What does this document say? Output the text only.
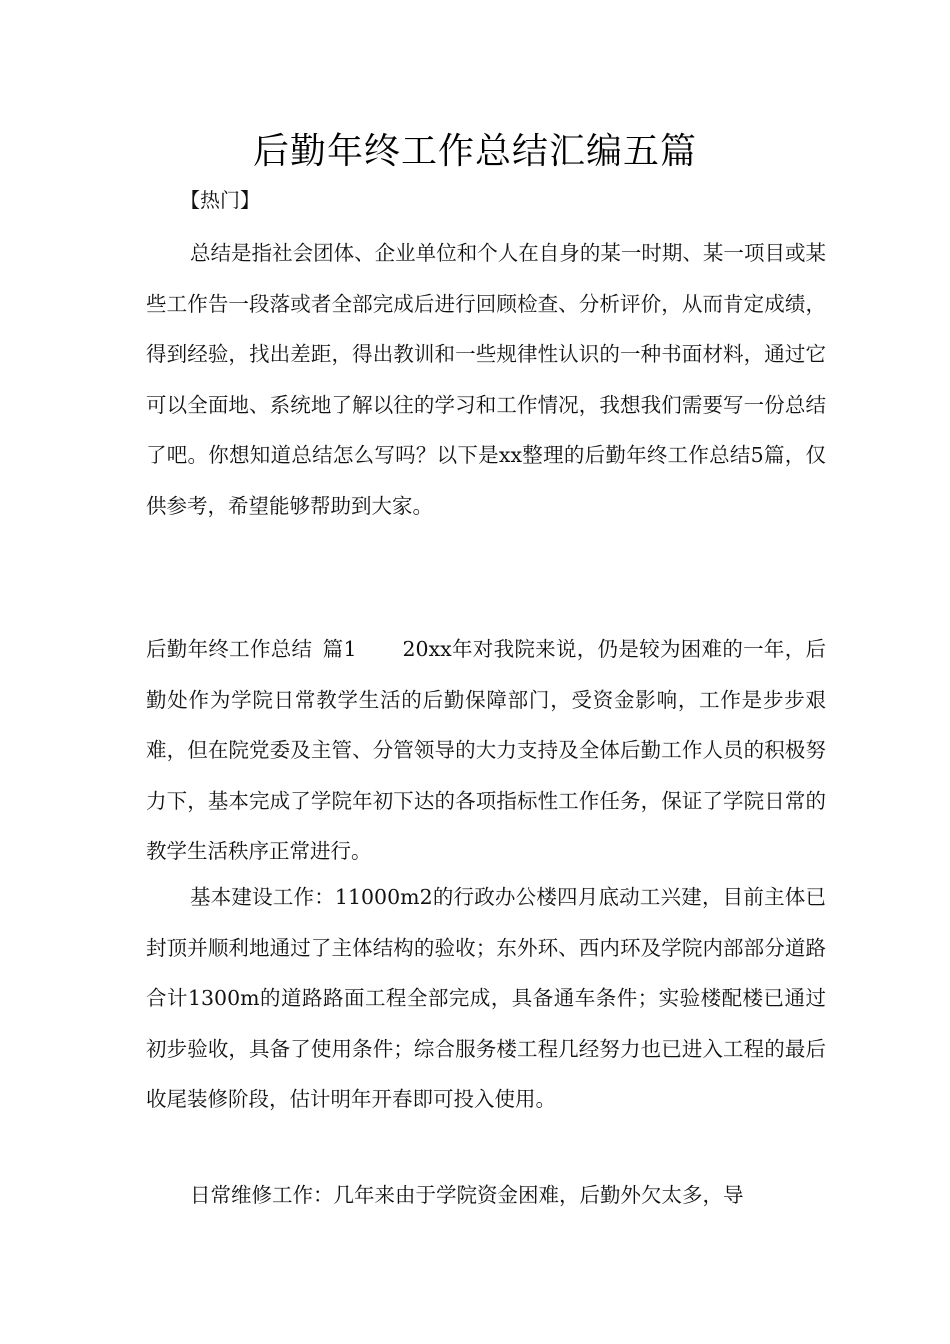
后勤年终工作总结汇编五篇
【热门】

总结是指社会团体、企业单位和个人在自身的某一时期、某一项目或某些工作告一段落或者全部完成后进行回顾检查、分析评价，从而肯定成绩，得到经验，找出差距，得出教训和一些规律性认识的一种书面材料，通过它可以全面地、系统地了解以往的学习和工作情况，我想我们需要写一份总结了吧。你想知道总结怎么写吗？以下是xx整理的后勤年终工作总结5篇，仅供参考，希望能够帮助到大家。

后勤年终工作总结 篇1 20xx年对我院来说，仍是较为困难的一年，后勤处作为学院日常教学生活的后勤保障部门，受资金影响，工作是步步艰难，但在院党委及主管、分管领导的大力支持及全体后勤工作人员的积极努力下，基本完成了学院年初下达的各项指标性工作任务，保证了学院日常的教学生活秩序正常进行。

基本建设工作：11000m2的行政办公楼四月底动工兴建，目前主体已封顶并顺利地通过了主体结构的验收；东外环、西内环及学院内部部分道路合计1300m的道路路面工程全部完成，具备通车条件；实验楼配楼已通过初步验收，具备了使用条件；综合服务楼工程几经努力也已进入工程的最后收尾装修阶段，估计明年开春即可投入使用。

日常维修工作：几年来由于学院资金困难，后勤外欠太多，导
